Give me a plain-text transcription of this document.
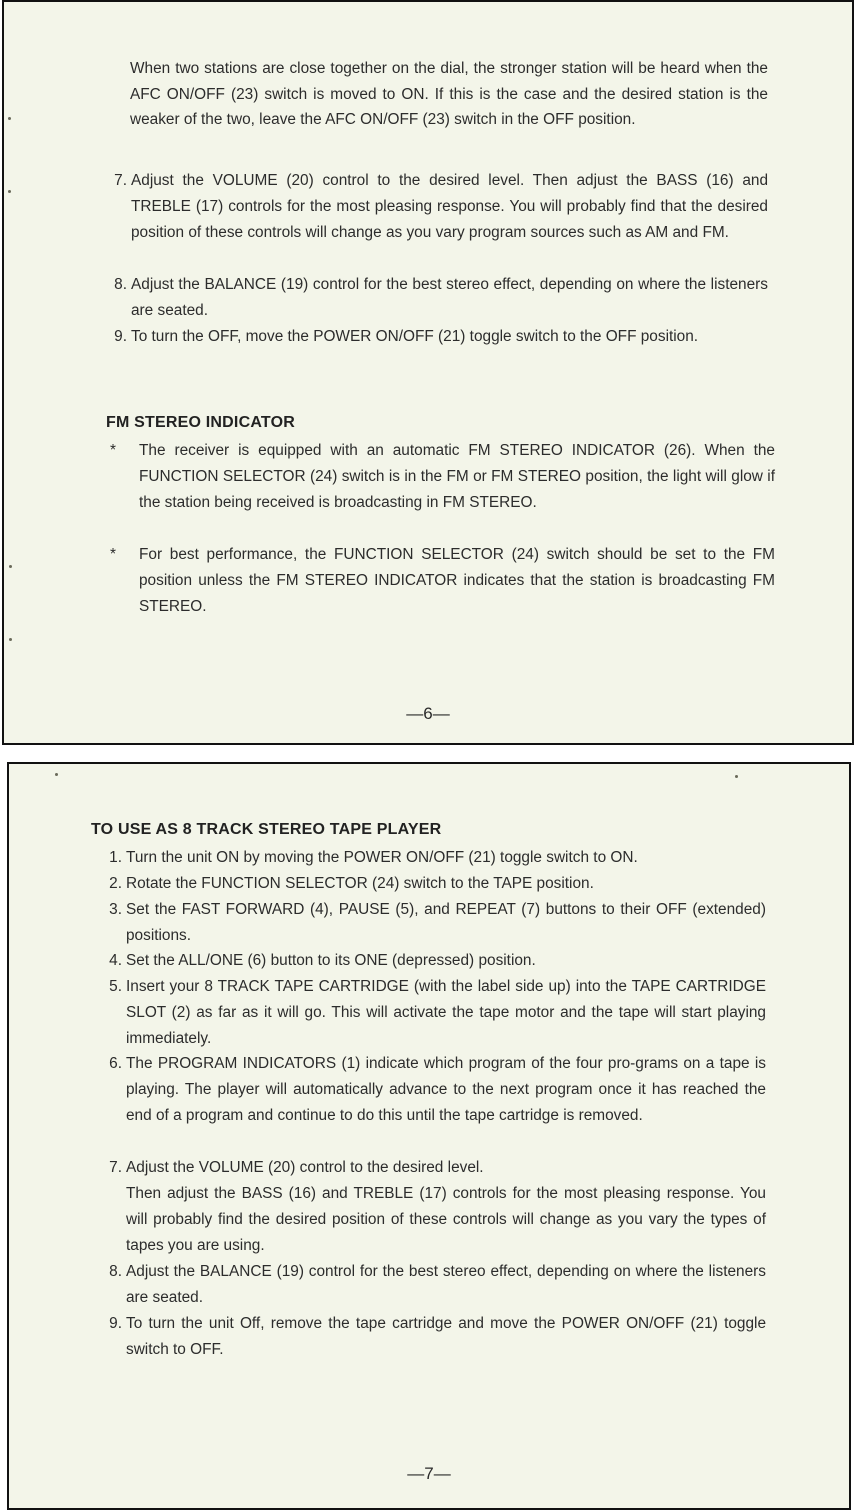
When two stations are close together on the dial, the stronger station will be heard when the AFC ON/OFF (23) switch is moved to ON. If this is the case and the desired station is the weaker of the two, leave the AFC ON/OFF (23) switch in the OFF position.
7. Adjust the VOLUME (20) control to the desired level. Then adjust the BASS (16) and TREBLE (17) controls for the most pleasing response. You will probably find that the desired position of these controls will change as you vary program sources such as AM and FM.
8. Adjust the BALANCE (19) control for the best stereo effect, depending on where the listeners are seated.
9. To turn the OFF, move the POWER ON/OFF (21) toggle switch to the OFF position.
FM STEREO INDICATOR
* The receiver is equipped with an automatic FM STEREO INDICATOR (26). When the FUNCTION SELECTOR (24) switch is in the FM or FM STEREO position, the light will glow if the station being received is broadcasting in FM STEREO.
* For best performance, the FUNCTION SELECTOR (24) switch should be set to the FM position unless the FM STEREO INDICATOR indicates that the station is broadcasting FM STEREO.
—6—
TO USE AS 8 TRACK STEREO TAPE PLAYER
1. Turn the unit ON by moving the POWER ON/OFF (21) toggle switch to ON.
2. Rotate the FUNCTION SELECTOR (24) switch to the TAPE position.
3. Set the FAST FORWARD (4), PAUSE (5), and REPEAT (7) buttons to their OFF (extended) positions.
4. Set the ALL/ONE (6) button to its ONE (depressed) position.
5. Insert your 8 TRACK TAPE CARTRIDGE (with the label side up) into the TAPE CARTRIDGE SLOT (2) as far as it will go. This will activate the tape motor and the tape will start playing immediately.
6. The PROGRAM INDICATORS (1) indicate which program of the four pro-grams on a tape is playing. The player will automatically advance to the next program once it has reached the end of a program and continue to do this until the tape cartridge is removed.
7. Adjust the VOLUME (20) control to the desired level.
Then adjust the BASS (16) and TREBLE (17) controls for the most pleasing response. You will probably find the desired position of these controls will change as you vary the types of tapes you are using.
8. Adjust the BALANCE (19) control for the best stereo effect, depending on where the listeners are seated.
9. To turn the unit Off, remove the tape cartridge and move the POWER ON/OFF (21) toggle switch to OFF.
—7—
